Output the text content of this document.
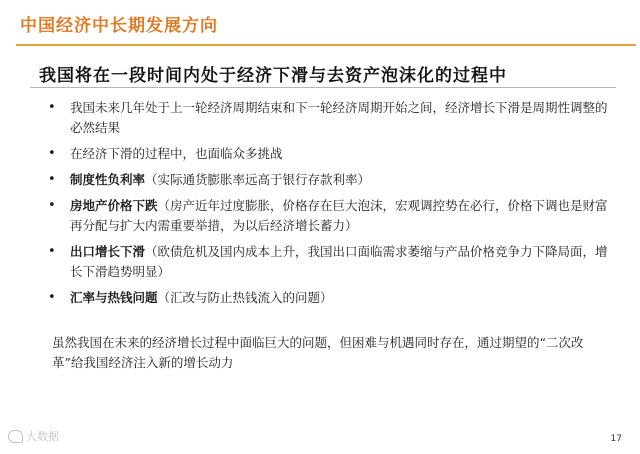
中国经济中长期发展方向
我国将在一段时间内处于经济下滑与去资产泡沫化的过程中
• 我国未来几年处于上一轮经济周期结束和下一轮经济周期开始之间，经济增长下滑是周期性调整的必然结果
• 在经济下滑的过程中，也面临众多挑战
• 制度性负利率（实际通货膨胀率远高于银行存款利率）
• 房地产价格下跌（房产近年过度膨胀，价格存在巨大泡沫，宏观调控势在必行，价格下调也是财富再分配与扩大内需重要举措，为以后经济增长蓄力）
• 出口增长下滑（欧债危机及国内成本上升，我国出口面临需求萎缩与产品价格竞争力下降局面，增长下滑趋势明显）
• 汇率与热钱问题（汇改与防止热钱流入的问题）
虽然我国在未来的经济增长过程中面临巨大的问题，但困难与机遇同时存在，通过期望的“二次改革”给我国经济注入新的增长动力
大数据	17
